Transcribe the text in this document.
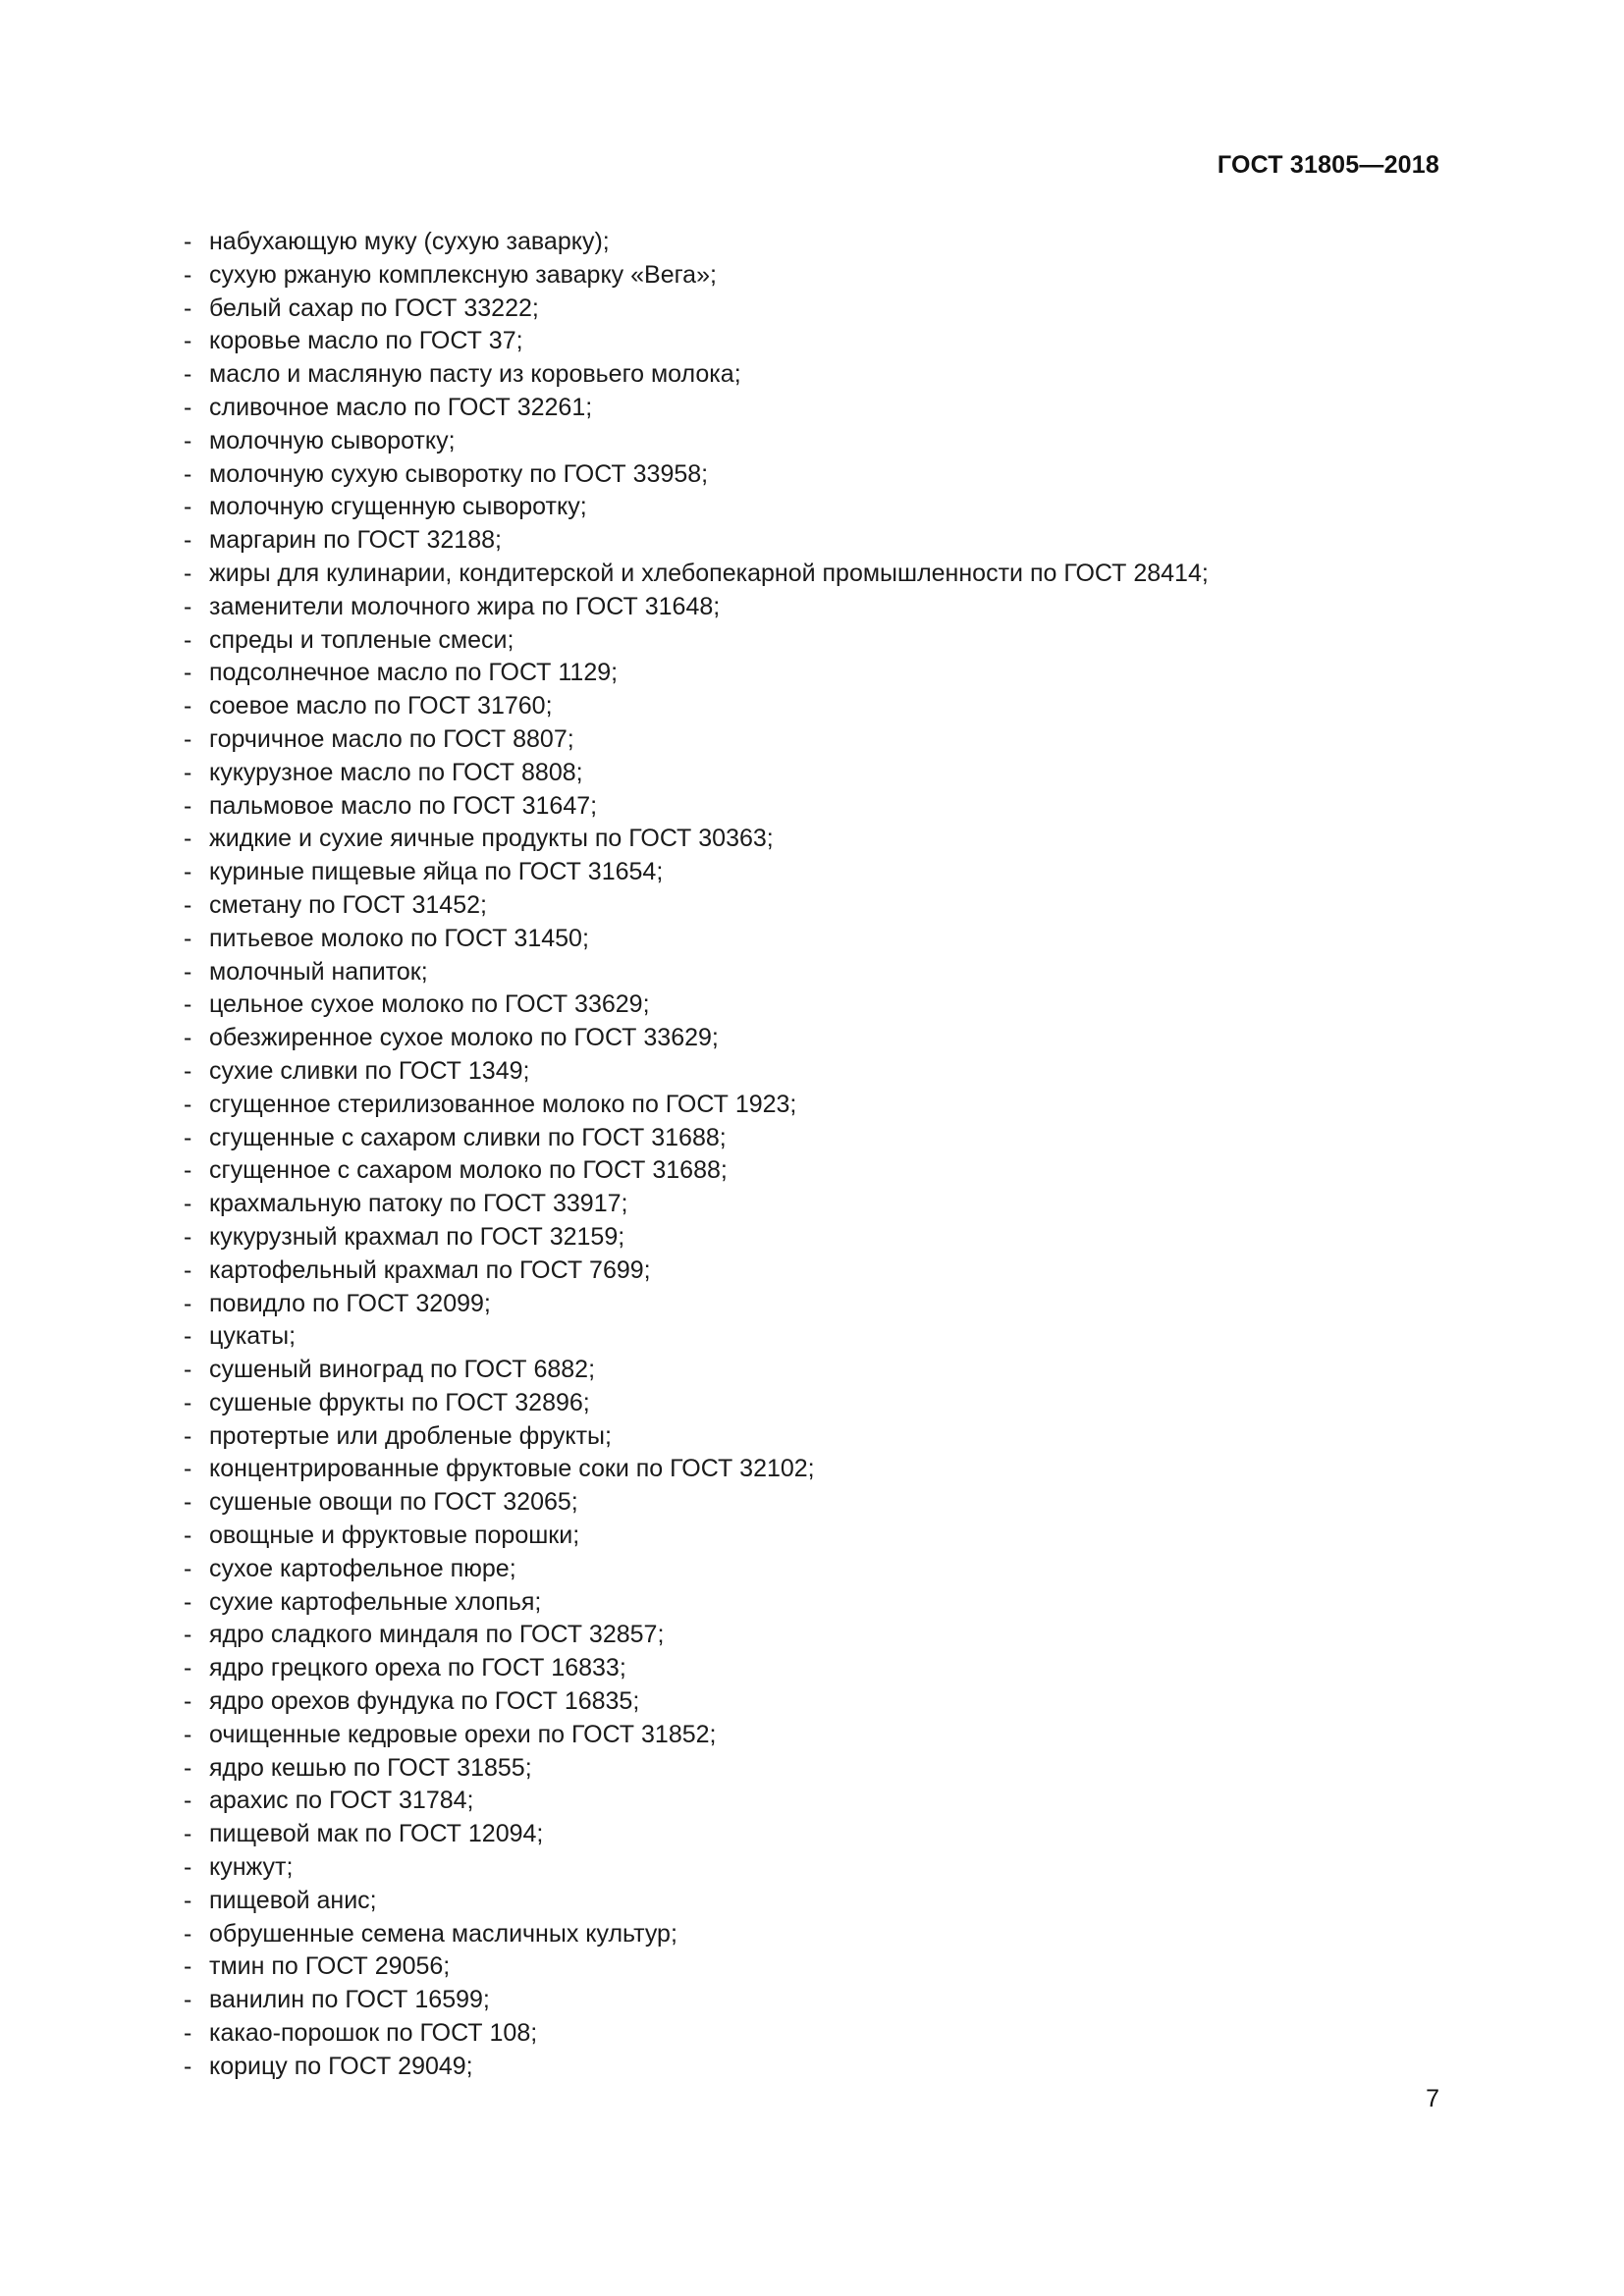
ГОСТ 31805—2018
- набухающую муку (сухую заварку);
- сухую ржаную комплексную заварку «Вега»;
- белый сахар по ГОСТ 33222;
- коровье масло по ГОСТ 37;
- масло и масляную пасту из коровьего молока;
- сливочное масло по ГОСТ 32261;
- молочную сыворотку;
- молочную сухую сыворотку по ГОСТ 33958;
- молочную сгущенную сыворотку;
- маргарин по ГОСТ 32188;
- жиры для кулинарии, кондитерской и хлебопекарной промышленности по ГОСТ 28414;
- заменители молочного жира по ГОСТ 31648;
- спреды и топленые смеси;
- подсолнечное масло по ГОСТ 1129;
- соевое масло по ГОСТ 31760;
- горчичное масло по ГОСТ 8807;
- кукурузное масло по ГОСТ 8808;
- пальмовое масло по ГОСТ 31647;
- жидкие и сухие яичные продукты по ГОСТ 30363;
- куриные пищевые яйца по ГОСТ 31654;
- сметану по ГОСТ 31452;
- питьевое молоко по ГОСТ 31450;
- молочный напиток;
- цельное сухое молоко по ГОСТ 33629;
- обезжиренное сухое молоко по ГОСТ 33629;
- сухие сливки по ГОСТ 1349;
- сгущенное стерилизованное молоко по ГОСТ 1923;
- сгущенные с сахаром сливки по ГОСТ 31688;
- сгущенное с сахаром молоко по ГОСТ 31688;
- крахмальную патоку по ГОСТ 33917;
- кукурузный крахмал по ГОСТ 32159;
- картофельный крахмал по ГОСТ 7699;
- повидло по ГОСТ 32099;
- цукаты;
- сушеный виноград по ГОСТ 6882;
- сушеные фрукты по ГОСТ 32896;
- протертые или дробленые фрукты;
- концентрированные фруктовые соки по ГОСТ 32102;
- сушеные овощи по ГОСТ 32065;
- овощные и фруктовые порошки;
- сухое картофельное пюре;
- сухие картофельные хлопья;
- ядро сладкого миндаля по ГОСТ 32857;
- ядро грецкого ореха по ГОСТ 16833;
- ядро орехов фундука по ГОСТ 16835;
- очищенные кедровые орехи по ГОСТ 31852;
- ядро кешью по ГОСТ 31855;
- арахис по ГОСТ 31784;
- пищевой мак по ГОСТ 12094;
- кунжут;
- пищевой анис;
- обрушенные семена масличных культур;
- тмин по ГОСТ 29056;
- ванилин по ГОСТ 16599;
- какао-порошок по ГОСТ 108;
- корицу по ГОСТ 29049;
7
